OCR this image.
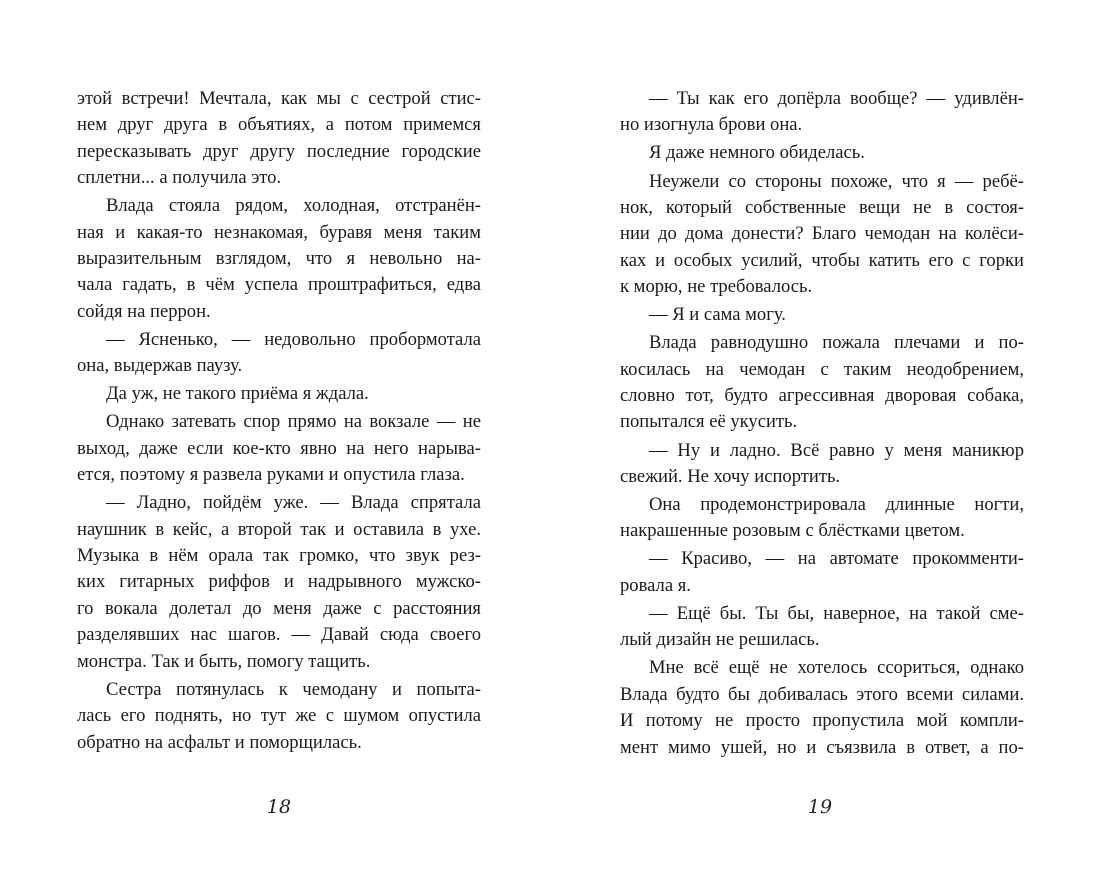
этой встречи! Мечтала, как мы с сестрой стис-
нем друг друга в объятиях, а потом примемся
пересказывать друг другу последние городские
сплетни... а получила это.
Влада стояла рядом, холодная, отстранён-
ная и какая-то незнакомая, буравя меня таким
выразительным взглядом, что я невольно на-
чала гадать, в чём успела проштрафиться, едва
сойдя на перрон.
— Ясненько, — недовольно пробормотала
она, выдержав паузу.
Да уж, не такого приёма я ждала.
Однако затевать спор прямо на вокзале — не
выход, даже если кое-кто явно на него нарыва-
ется, поэтому я развела руками и опустила глаза.
— Ладно, пойдём уже. — Влада спрятала
наушник в кейс, а второй так и оставила в ухе.
Музыка в нём орала так громко, что звук рез-
ких гитарных риффов и надрывного мужско-
го вокала долетал до меня даже с расстояния
разделявших нас шагов. — Давай сюда своего
монстра. Так и быть, помогу тащить.
Сестра потянулась к чемодану и попыта-
лась его поднять, но тут же с шумом опустила
обратно на асфальт и поморщилась.
18
— Ты как его допёрла вообще? — удивлён-
но изогнула брови она.
Я даже немного обиделась.
Неужели со стороны похоже, что я — ребё-
нок, который собственные вещи не в состоя-
нии до дома донести? Благо чемодан на колёси-
ках и особых усилий, чтобы катить его с горки
к морю, не требовалось.
— Я и сама могу.
Влада равнодушно пожала плечами и по-
косилась на чемодан с таким неодобрением,
словно тот, будто агрессивная дворовая собака,
попытался её укусить.
— Ну и ладно. Всё равно у меня маникюр
свежий. Не хочу испортить.
Она продемонстрировала длинные ногти,
накрашенные розовым с блёстками цветом.
— Красиво, — на автомате прокомменти-
ровала я.
— Ещё бы. Ты бы, наверное, на такой сме-
лый дизайн не решилась.
Мне всё ещё не хотелось ссориться, однако
Влада будто бы добивалась этого всеми силами.
И потому не просто пропустила мой компли-
мент мимо ушей, но и съязвила в ответ, а по-
19
